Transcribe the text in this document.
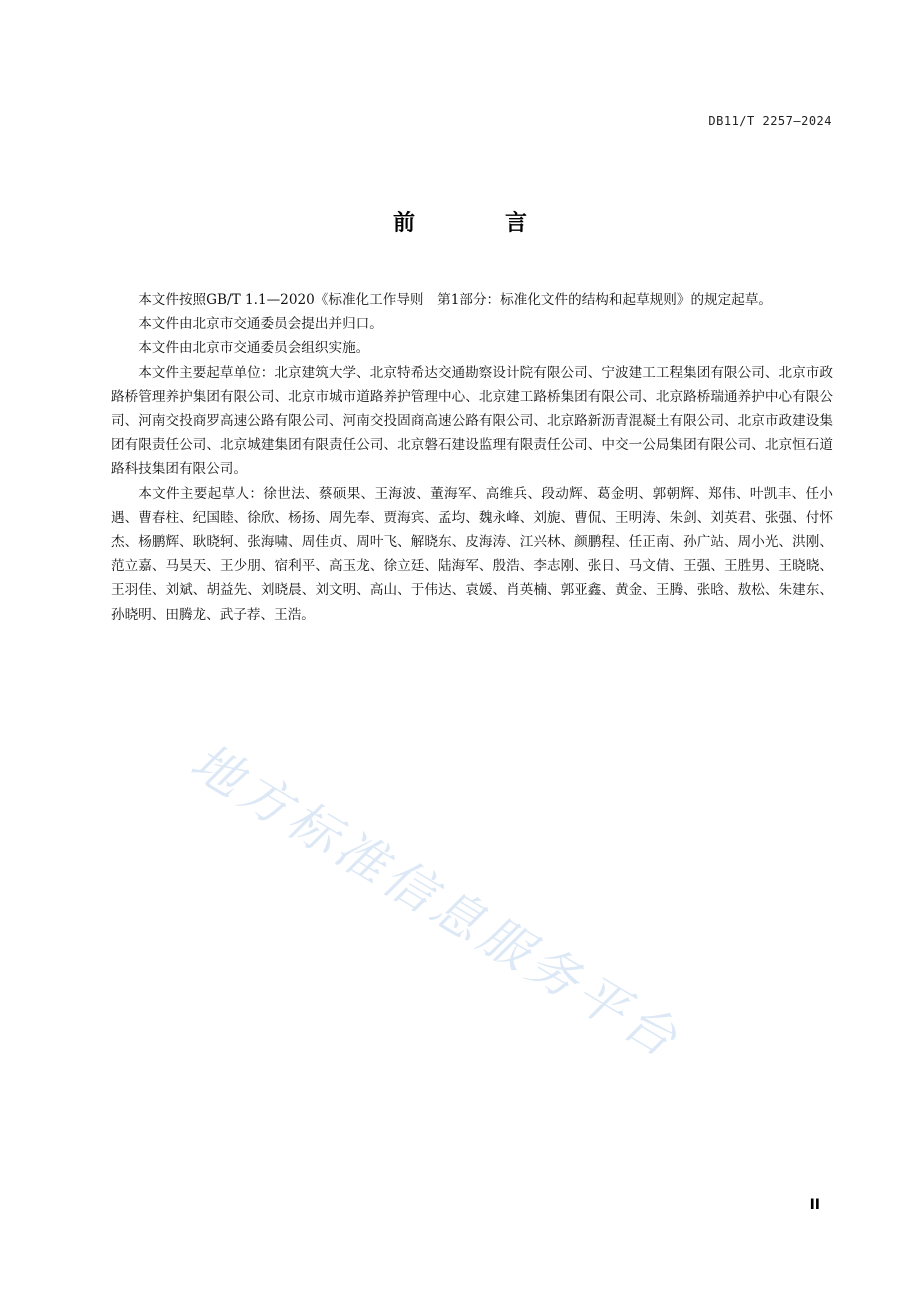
DB11/T 2257—2024
前　言

本文件按照GB/T 1.1—2020《标准化工作导则　第1部分：标准化文件的结构和起草规则》的规定起草。

本文件由北京市交通委员会提出并归口。

本文件由北京市交通委员会组织实施。

本文件主要起草单位：北京建筑大学、北京特希达交通勘察设计院有限公司、宁波建工工程集团有限公司、北京市政路桥管理养护集团有限公司、北京市城市道路养护管理中心、北京建工路桥集团有限公司、北京路桥瑞通养护中心有限公司、河南交投商罗高速公路有限公司、河南交投固商高速公路有限公司、北京路新沥青混凝土有限公司、北京市政建设集团有限责任公司、北京城建集团有限责任公司、北京磐石建设监理有限责任公司、中交一公局集团有限公司、北京恒石道路科技集团有限公司。

本文件主要起草人：徐世法、蔡硕果、王海波、董海军、高维兵、段动辉、葛金明、郭朝辉、郑伟、叶凯丰、任小遇、曹春柱、纪国睦、徐欣、杨扬、周先奉、贾海宾、孟均、魏永峰、刘旎、曹侃、王明涛、朱剑、刘英君、张强、付怀杰、杨鹏辉、耿晓轲、张海啸、周佳贞、周叶飞、解晓东、皮海涛、江兴林、颜鹏程、任正南、孙广站、周小光、洪刚、范立嘉、马昊天、王少朋、宿利平、高玉龙、徐立廷、陆海军、殷浩、李志刚、张日、马文倩、王强、王胜男、王晓晓、王羽佳、刘斌、胡益先、刘晓晨、刘文明、高山、于伟达、袁媛、肖英楠、郭亚鑫、黄金、王腾、张晗、敖松、朱建东、孙晓明、田腾龙、武子荐、王浩。

地方标准信息服务平台
II
